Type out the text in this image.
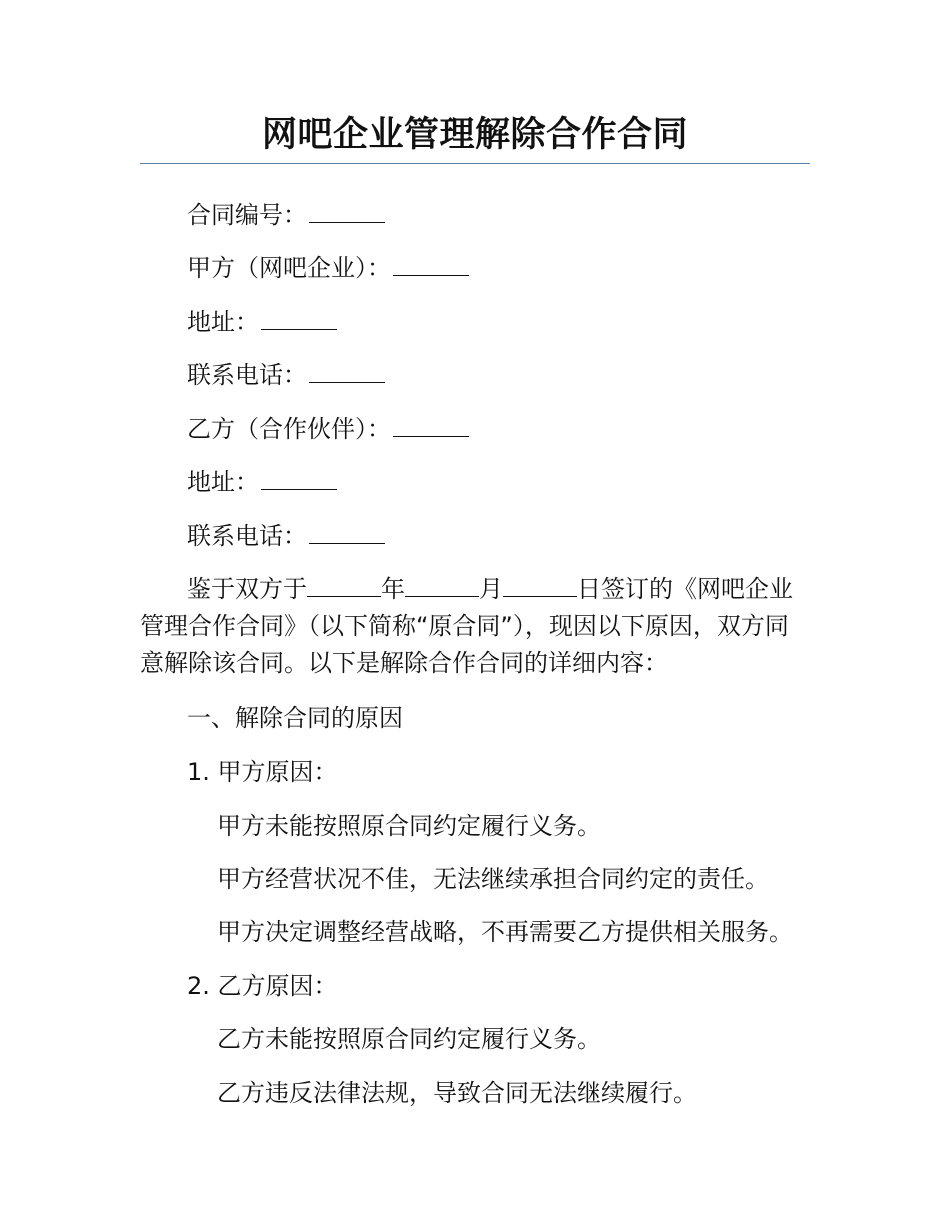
网吧企业管理解除合作合同
合同编号：
甲方（网吧企业）：
地址：
联系电话：
乙方（合作伙伴）：
地址：
联系电话：
鉴于双方于	年	月	日签订的《网吧企业管理合作合同》（以下简称“原合同”），现因以下原因，双方同意解除该合同。以下是解除合作合同的详细内容：
一、解除合同的原因
1. 甲方原因：
甲方未能按照原合同约定履行义务。
甲方经营状况不佳，无法继续承担合同约定的责任。
甲方决定调整经营战略，不再需要乙方提供相关服务。
2. 乙方原因：
乙方未能按照原合同约定履行义务。
乙方违反法律法规，导致合同无法继续履行。
